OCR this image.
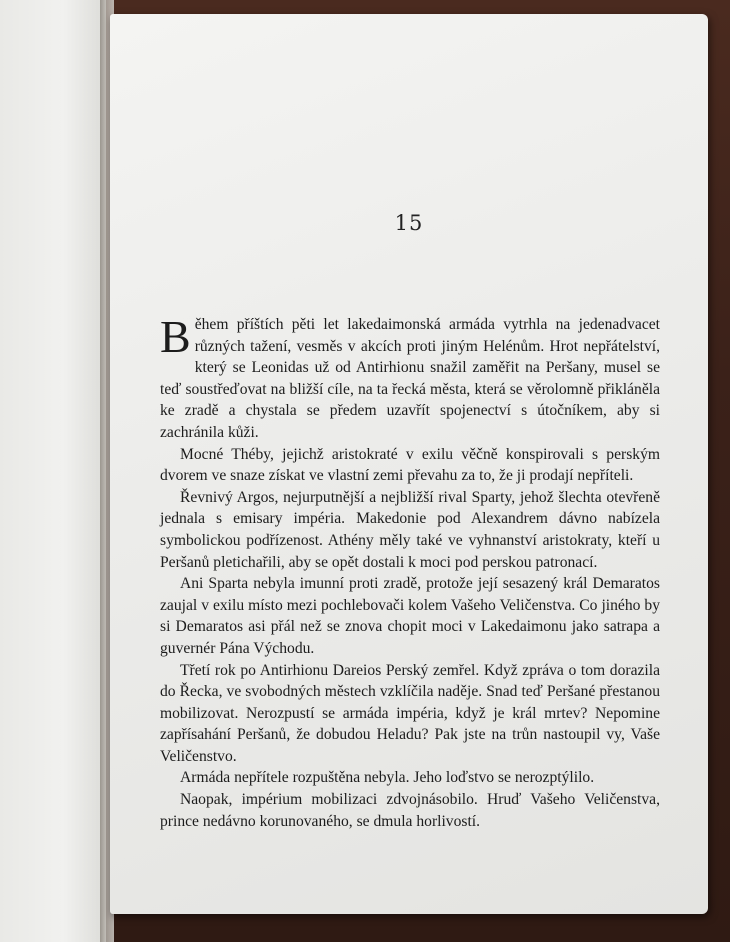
15

Během příštích pěti let lakedaimonská armáda vytrhla na jedenadvacet různých tažení, vesměs v akcích proti jiným Helénům. Hrot nepřátelství, který se Leonidas už od Antirhionu snažil zaměřit na Peršany, musel se teď soustřeďovat na bližší cíle, na ta řecká města, která se věrolomně přikláněla ke zradě a chystala se předem uzavřít spojenectví s útočníkem, aby si zachránila kůži.

Mocné Théby, jejichž aristokraté v exilu věčně konspirovali s perským dvorem ve snaze získat ve vlastní zemi převahu za to, že ji prodají nepříteli.

Řevnivý Argos, nejurputnější a nejbližší rival Sparty, jehož šlechta otevřeně jednala s emisary impéria. Makedonie pod Alexandrem dávno nabízela symbolickou podřízenost. Athény měly také ve vyhnanství aristokraty, kteří u Peršanů pletichařili, aby se opět dostali k moci pod perskou patronací.

Ani Sparta nebyla imunní proti zradě, protože její sesazený král Demaratos zaujal v exilu místo mezi pochlebovači kolem Vašeho Veličenstva. Co jiného by si Demaratos asi přál než se znova chopit moci v Lakedaimonu jako satrapa a guvernér Pána Východu.

Třetí rok po Antirhionu Dareios Perský zemřel. Když zpráva o tom dorazila do Řecka, ve svobodných městech vzklíčila naděje. Snad teď Peršané přestanou mobilizovat. Nerozpustí se armáda impéria, když je král mrtev? Nepomine zapřísahání Peršanů, že dobudou Heladu? Pak jste na trůn nastoupil vy, Vaše Veličenstvo.

Armáda nepřítele rozpuštěna nebyla. Jeho loďstvo se nerozptýlilo.

Naopak, impérium mobilizaci zdvojnásobilo. Hruď Vašeho Veličenstva, prince nedávno korunovaného, se dmula horlivostí.
